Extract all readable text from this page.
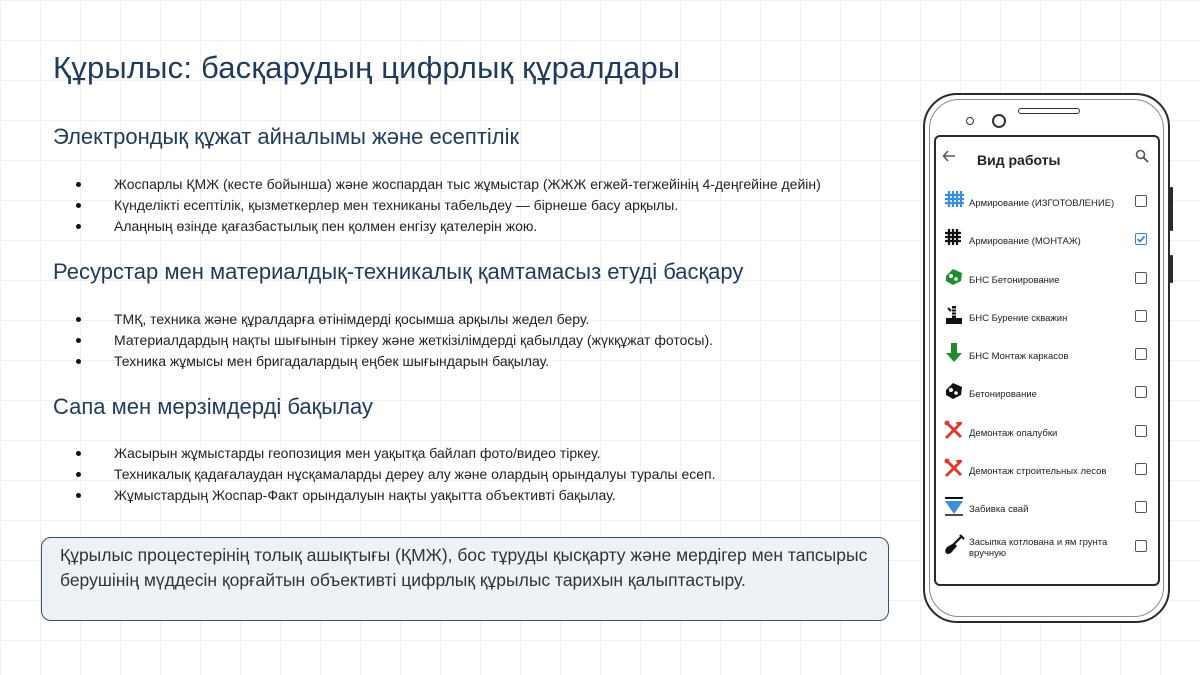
Құрылыс: басқарудың цифрлық құралдары
Электрондық құжат айналымы және есептілік
Жоспарлы ҚМЖ (кесте бойынша) және жоспардан тыс жұмыстар (ЖЖЖ егжей-тегжейінің 4-деңгейіне дейін)
Күнделікті есептілік, қызметкерлер мен техниканы табельдеу — бірнеше басу арқылы.
Алаңның өзінде қағазбастылық пен қолмен енгізу қателерін жою.
Ресурстар мен материалдық-техникалық қамтамасыз етуді басқару
ТМҚ, техника және құралдарға өтінімдерді қосымша арқылы жедел беру.
Материалдардың нақты шығынын тіркеу және жеткізілімдерді қабылдау (жүкқұжат фотосы).
Техника жұмысы мен бригадалардың еңбек шығындарын бақылау.
Сапа мен мерзімдерді бақылау
Жасырын жұмыстарды геопозиция мен уақытқа байлап фото/видео тіркеу.
Техникалық қадағалаудан нұсқамаларды дереу алу және олардың орындалуы туралы есеп.
Жұмыстардың Жоспар-Факт орындалуын нақты уақытта объективті бақылау.
Құрылыс процестерінің толық ашықтығы (ҚМЖ), бос тұруды қысқарту және мердігер мен тапсырыс берушінің мүддесін қорғайтын объективті цифрлық құрылыс тарихын қалыптастыру.
Вид работы
Армирование (ИЗГОТОВЛЕНИЕ)
Армирование (МОНТАЖ)
БНС Бетонирование
БНС Бурение скважин
БНС Монтаж каркасов
Бетонирование
Демонтаж опалубки
Демонтаж строительных лесов
Забивка свай
Засыпка котлована и ям грунта вручную
